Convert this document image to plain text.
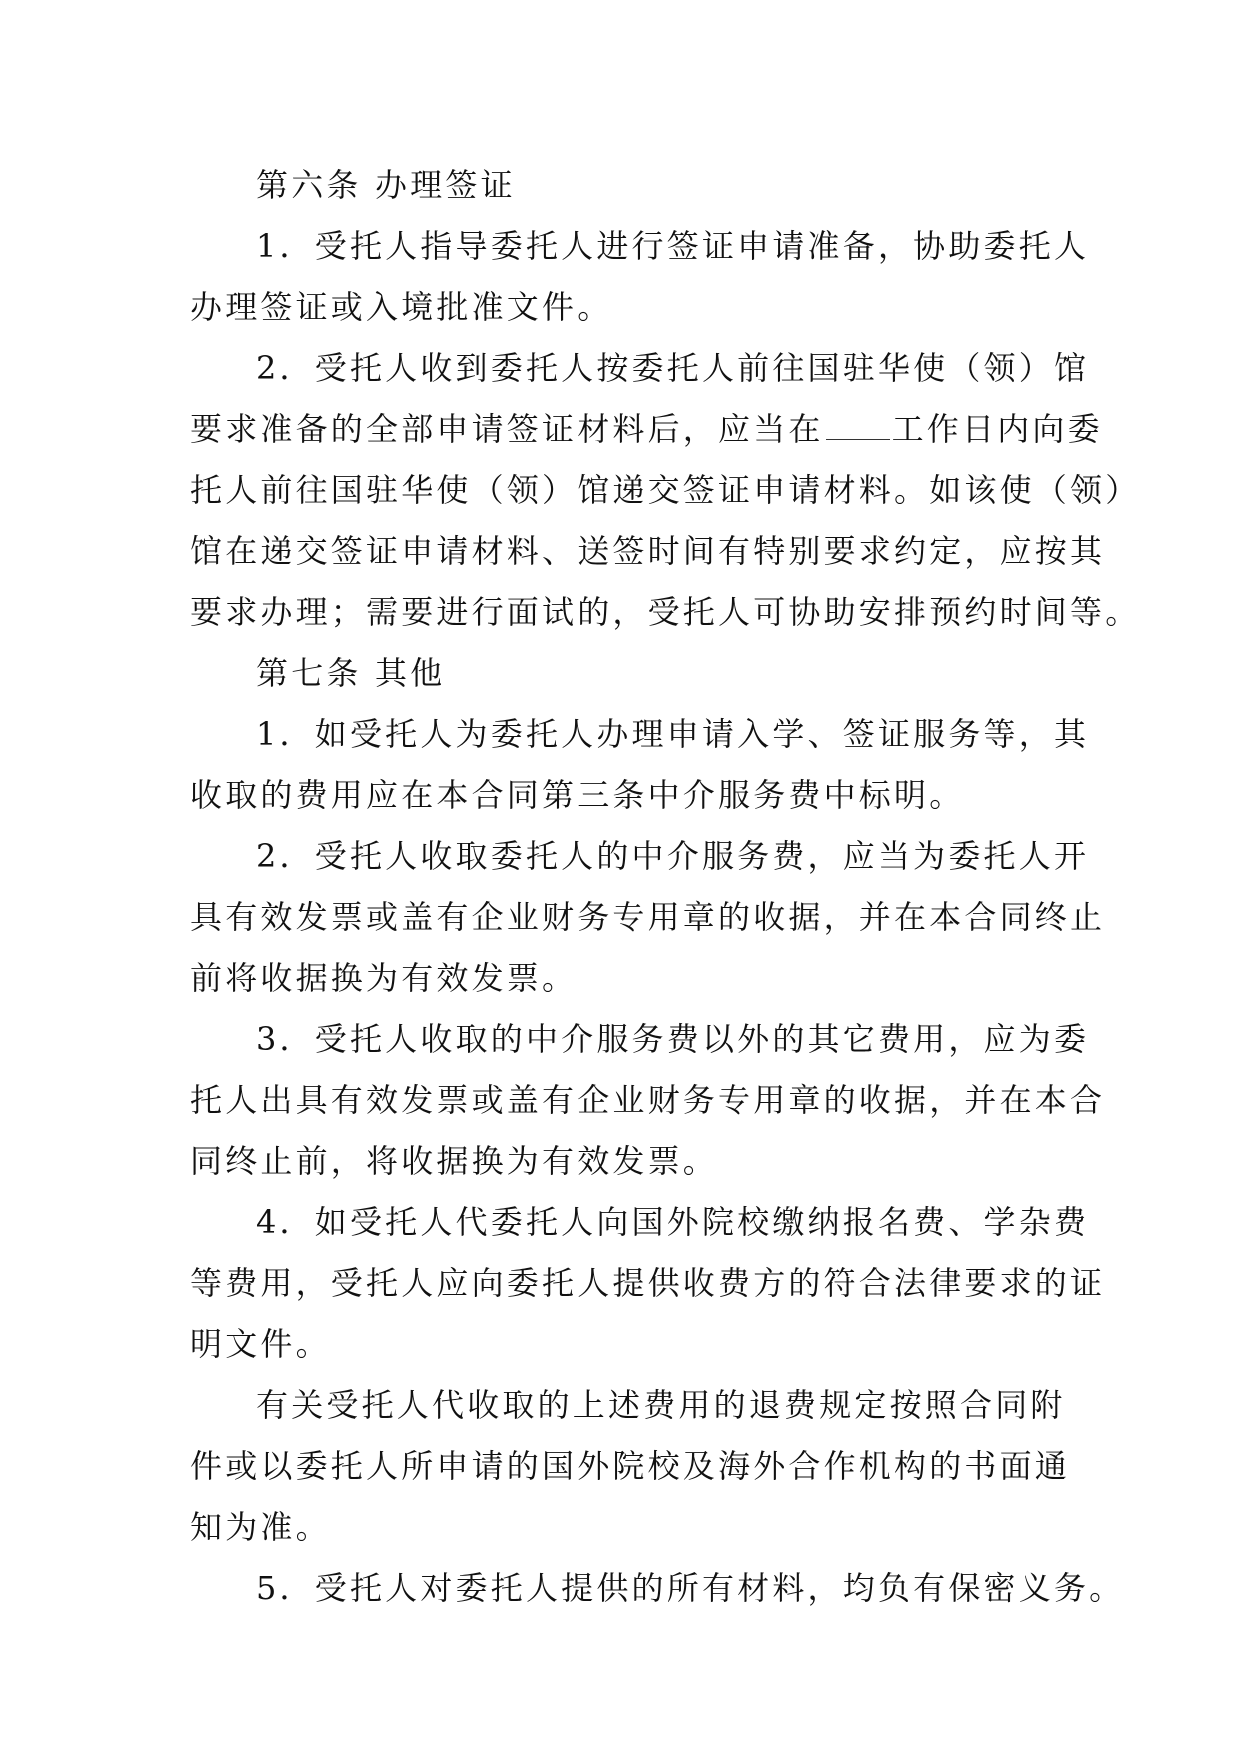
第六条 办理签证

1．受托人指导委托人进行签证申请准备，协助委托人
办理签证或入境批准文件。

2．受托人收到委托人按委托人前往国驻华使（领）馆
要求准备的全部申请签证材料后，应当在 工作日内向委
托人前往国驻华使（领）馆递交签证申请材料。如该使（领）
馆在递交签证申请材料、送签时间有特别要求约定，应按其
要求办理；需要进行面试的，受托人可协助安排预约时间等。

第七条 其他

1．如受托人为委托人办理申请入学、签证服务等，其
收取的费用应在本合同第三条中介服务费中标明。

2．受托人收取委托人的中介服务费，应当为委托人开
具有效发票或盖有企业财务专用章的收据，并在本合同终止
前将收据换为有效发票。

3．受托人收取的中介服务费以外的其它费用，应为委
托人出具有效发票或盖有企业财务专用章的收据，并在本合
同终止前，将收据换为有效发票。

4．如受托人代委托人向国外院校缴纳报名费、学杂费
等费用，受托人应向委托人提供收费方的符合法律要求的证
明文件。

有关受托人代收取的上述费用的退费规定按照合同附
件或以委托人所申请的国外院校及海外合作机构的书面通
知为准。

5．受托人对委托人提供的所有材料，均负有保密义务。
